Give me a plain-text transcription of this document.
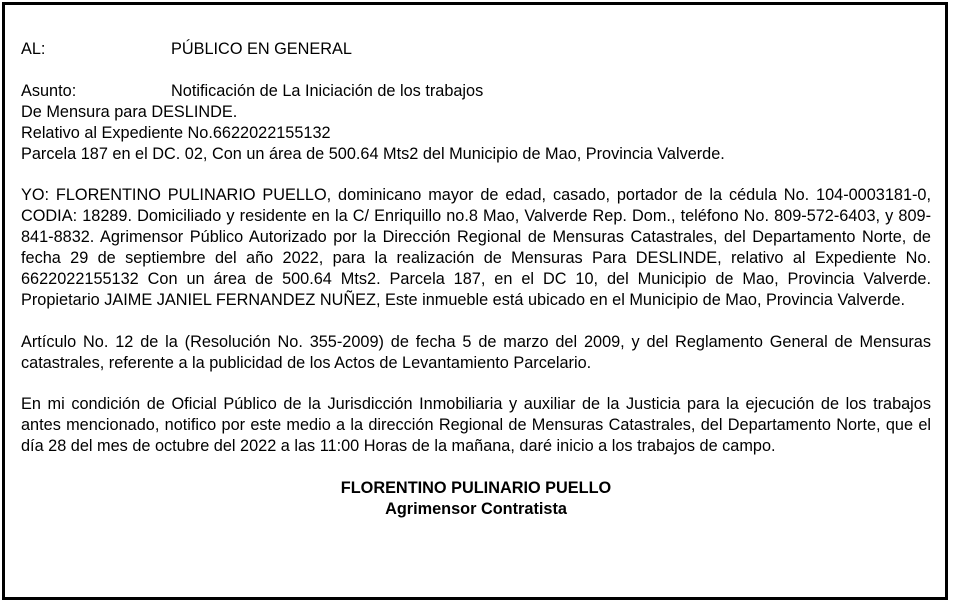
AL:	PÚBLICO EN GENERAL
Asunto:	Notificación de La Iniciación de los trabajos
De Mensura para DESLINDE.
Relativo al Expediente No.6622022155132
Parcela 187 en el DC. 02, Con un área de 500.64 Mts2 del Municipio de Mao, Provincia Valverde.
YO: FLORENTINO PULINARIO PUELLO, dominicano mayor de edad, casado, portador de la cédula No. 104-0003181-0, CODIA: 18289. Domiciliado y residente en la C/ Enriquillo no.8 Mao, Valverde Rep. Dom., teléfono No. 809-572-6403, y 809-841-8832. Agrimensor Público Autorizado por la Dirección Regional de Mensuras Catastrales, del Departamento Norte, de fecha 29 de septiembre del año 2022, para la realización de Mensuras Para DESLINDE, relativo al Expediente No. 6622022155132 Con un área de 500.64 Mts2. Parcela 187, en el DC 10, del Municipio de Mao, Provincia Valverde. Propietario JAIME JANIEL FERNANDEZ NUÑEZ, Este inmueble está ubicado en el Municipio de Mao, Provincia Valverde.
Artículo No. 12 de la (Resolución No. 355-2009) de fecha 5 de marzo del 2009, y del Reglamento General de Mensuras catastrales, referente a la publicidad de los Actos de Levantamiento Parcelario.
En mi condición de Oficial Público de la Jurisdicción Inmobiliaria y auxiliar de la Justicia para la ejecución de los trabajos antes mencionado, notifico por este medio a la dirección Regional de Mensuras Catastrales, del Departamento Norte, que el día 28 del mes de octubre del 2022 a las 11:00 Horas de la mañana, daré inicio a los trabajos de campo.
FLORENTINO PULINARIO PUELLO
Agrimensor Contratista
